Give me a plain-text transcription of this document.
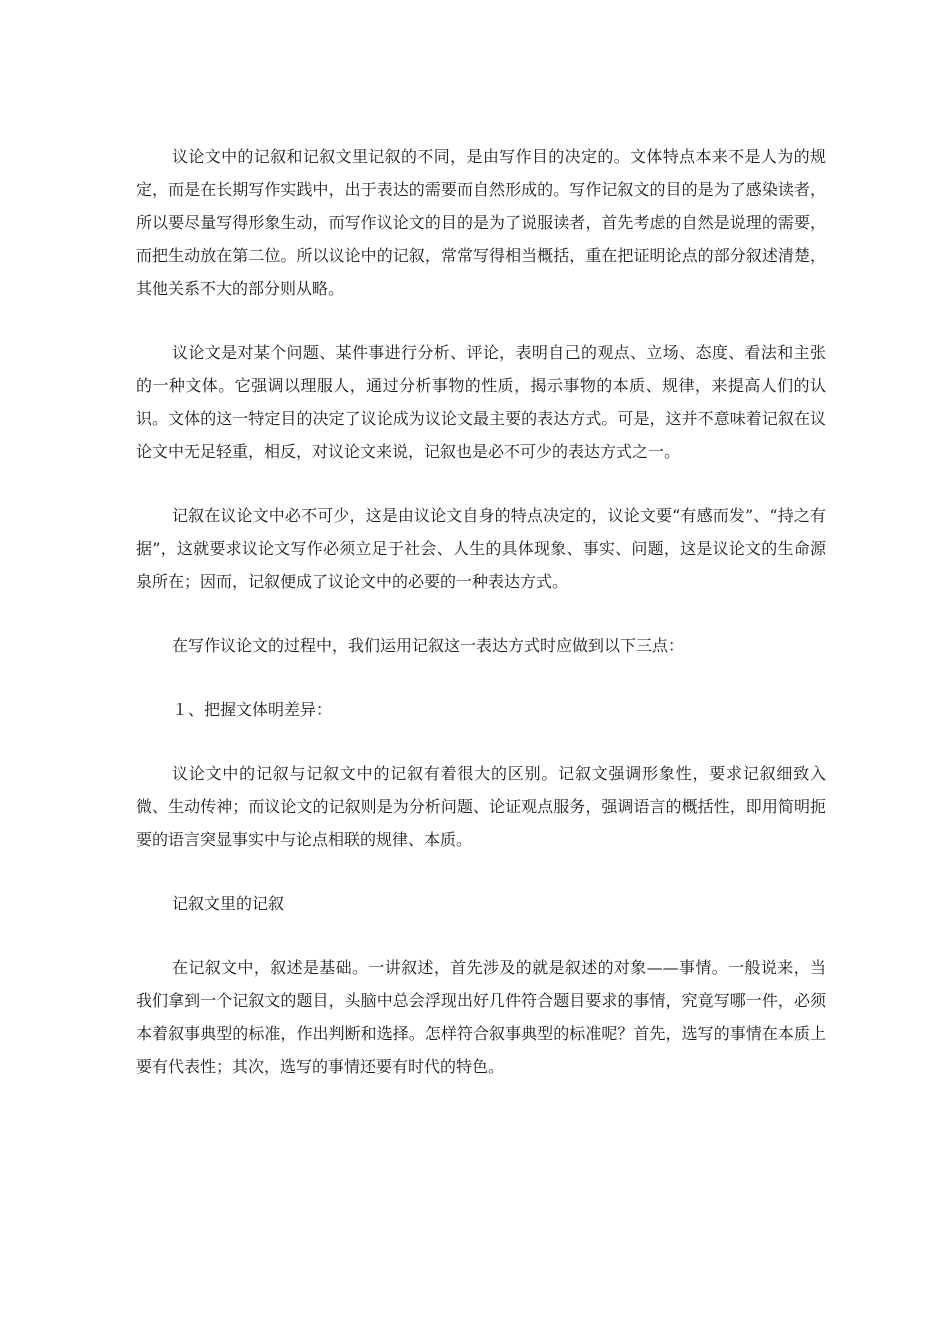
议论文中的记叙和记叙文里记叙的不同，是由写作目的决定的。文体特点本来不是人为的规定，而是在长期写作实践中，出于表达的需要而自然形成的。写作记叙文的目的是为了感染读者，所以要尽量写得形象生动，而写作议论文的目的是为了说服读者，首先考虑的自然是说理的需要，而把生动放在第二位。所以议论中的记叙，常常写得相当概括，重在把证明论点的部分叙述清楚，其他关系不大的部分则从略。

议论文是对某个问题、某件事进行分析、评论，表明自己的观点、立场、态度、看法和主张的一种文体。它强调以理服人，通过分析事物的性质，揭示事物的本质、规律，来提高人们的认识。文体的这一特定目的决定了议论成为议论文最主要的表达方式。可是，这并不意味着记叙在议论文中无足轻重，相反，对议论文来说，记叙也是必不可少的表达方式之一。

记叙在议论文中必不可少，这是由议论文自身的特点决定的，议论文要“有感而发”、“持之有据”，这就要求议论文写作必须立足于社会、人生的具体现象、事实、问题，这是议论文的生命源泉所在；因而，记叙便成了议论文中的必要的一种表达方式。

在写作议论文的过程中，我们运用记叙这一表达方式时应做到以下三点：

１、把握文体明差异：

议论文中的记叙与记叙文中的记叙有着很大的区别。记叙文强调形象性，要求记叙细致入微、生动传神；而议论文的记叙则是为分析问题、论证观点服务，强调语言的概括性，即用简明扼要的语言突显事实中与论点相联的规律、本质。

记叙文里的记叙

在记叙文中，叙述是基础。一讲叙述，首先涉及的就是叙述的对象——事情。一般说来，当我们拿到一个记叙文的题目，头脑中总会浮现出好几件符合题目要求的事情，究竟写哪一件，必须本着叙事典型的标准，作出判断和选择。怎样符合叙事典型的标准呢？首先，选写的事情在本质上要有代表性；其次，选写的事情还要有时代的特色。
